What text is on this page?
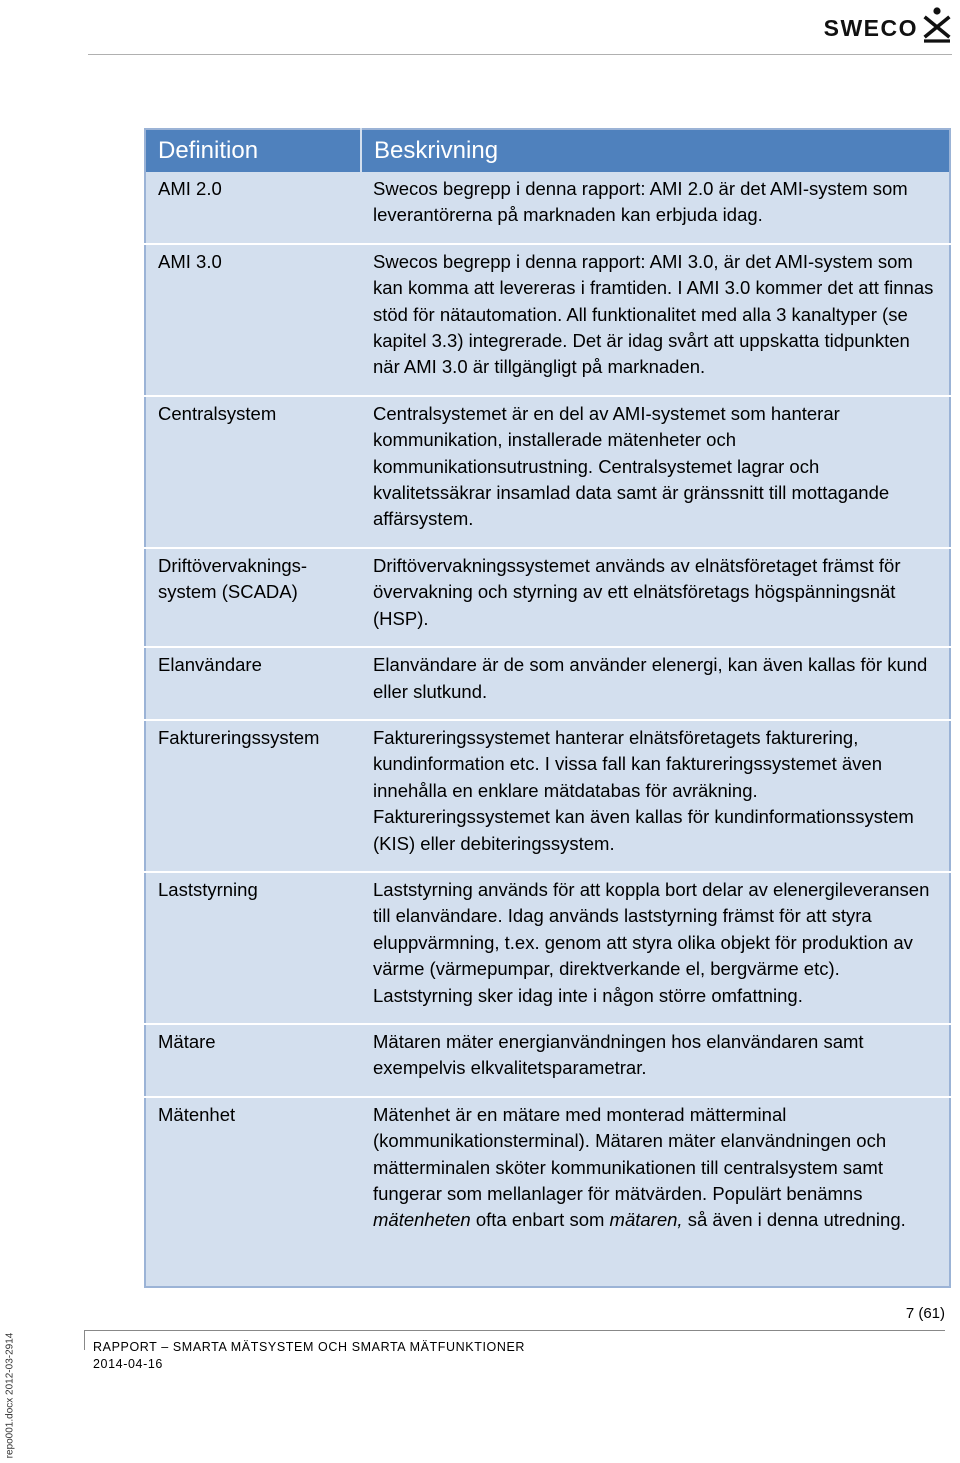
SWECO
Definition	Beskrivning
AMI 2.0	Swecos begrepp i denna rapport: AMI 2.0 är det AMI-system som leverantörerna på marknaden kan erbjuda idag.
AMI 3.0	Swecos begrepp i denna rapport: AMI 3.0, är det AMI-system som kan komma att levereras i framtiden. I AMI 3.0 kommer det att finnas stöd för nätautomation. All funktionalitet med alla 3 kanaltyper (se kapitel 3.3) integrerade. Det är idag svårt att uppskatta tidpunkten när AMI 3.0 är tillgängligt på marknaden.
Centralsystem	Centralsystemet är en del av AMI-systemet som hanterar kommunikation, installerade mätenheter och kommunikationsutrustning. Centralsystemet lagrar och kvalitetssäkrar insamlad data samt är gränssnitt till mottagande affärsystem.
Driftövervaknings-system (SCADA)	Driftövervakningssystemet används av elnätsföretaget främst för övervakning och styrning av ett elnätsföretags högspänningsnät (HSP).
Elanvändare	Elanvändare är de som använder elenergi, kan även kallas för kund eller slutkund.
Faktureringssystem	Faktureringssystemet hanterar elnätsföretagets fakturering, kundinformation etc. I vissa fall kan faktureringssystemet även innehålla en enklare mätdatabas för avräkning. Faktureringssystemet kan även kallas för kundinformationssystem (KIS) eller debiteringssystem.
Laststyrning	Laststyrning används för att koppla bort delar av elenergileveransen till elanvändare. Idag används laststyrning främst för att styra eluppvärmning, t.ex. genom att styra olika objekt för produktion av värme (värmepumpar, direktverkande el, bergvärme etc). Laststyrning sker idag inte i någon större omfattning.
Mätare	Mätaren mäter energianvändningen hos elanvändaren samt exempelvis elkvalitetsparametrar.
Mätenhet	Mätenhet är en mätare med monterad mätterminal (kommunikationsterminal). Mätaren mäter elanvändningen och mätterminalen sköter kommunikationen till centralsystem samt fungerar som mellanlager för mätvärden. Populärt benämns mätenheten ofta enbart som mätaren, så även i denna utredning.
7 (61)
RAPPORT – SMARTA MÄTSYSTEM OCH SMARTA MÄTFUNKTIONER
2014-04-16
repo001.docx 2012-03-2914
